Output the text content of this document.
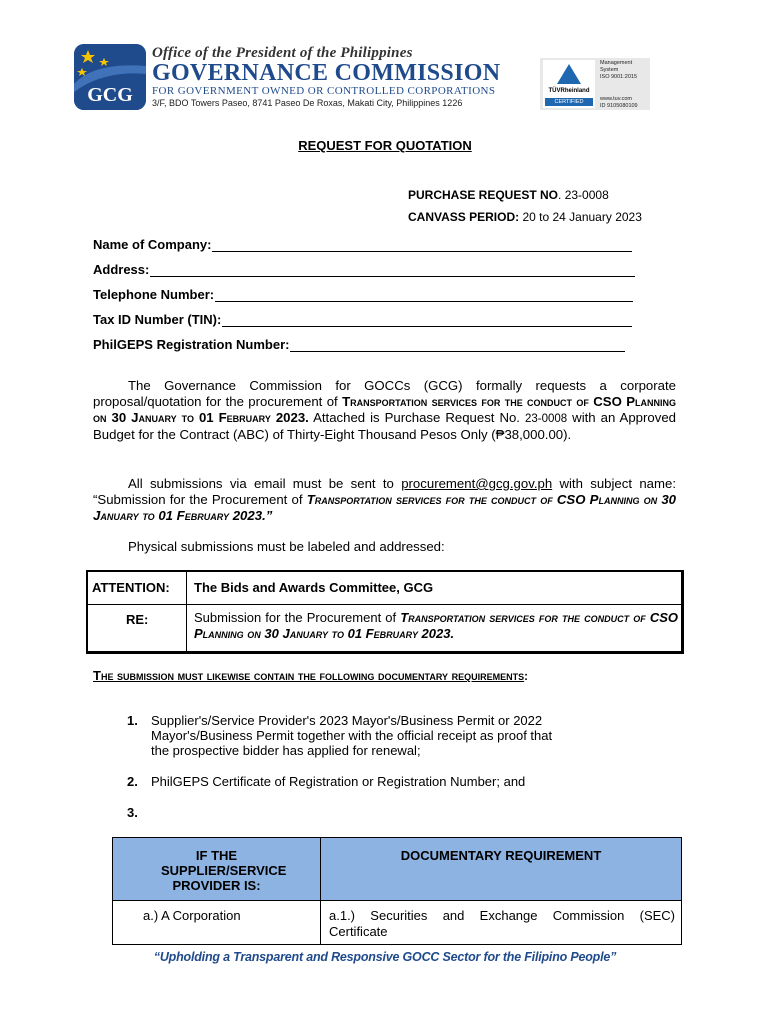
GCG
Office of the President of the Philippines
GOVERNANCE COMMISSION
FOR GOVERNMENT OWNED OR CONTROLLED CORPORATIONS
3/F, BDO Towers Paseo, 8741 Paseo De Roxas, Makati City, Philippines 1226
TÜVRheinland
CERTIFIED
Management
System
ISO 9001:2015
www.tuv.com
ID 9105080109
REQUEST FOR QUOTATION
PURCHASE REQUEST NO. 23-0008
CANVASS PERIOD: 20 to 24 January 2023
Name of Company:
Address:
Telephone Number:
Tax ID Number (TIN):
PhilGEPS Registration Number:
The Governance Commission for GOCCs (GCG) formally requests a corporate proposal/quotation for the procurement of Transportation services for the conduct of CSO Planning on 30 January to 01 February 2023. Attached is Purchase Request No. 23-0008 with an Approved Budget for the Contract (ABC) of Thirty-Eight Thousand Pesos Only (₱38,000.00).
All submissions via email must be sent to procurement@gcg.gov.ph with subject name: “Submission for the Procurement of Transportation services for the conduct of CSO Planning on 30 January to 01 February 2023.”
Physical submissions must be labeled and addressed:
ATTENTION: The Bids and Awards Committee, GCG
RE:	Submission for the Procurement of Transportation services for the conduct of CSO Planning on 30 January to 01 February 2023.
The submission must likewise contain the following documentary requirements:
1. Supplier's/Service Provider's 2023 Mayor's/Business Permit or 2022 Mayor's/Business Permit together with the official receipt as proof that the prospective bidder has applied for renewal;
2. PhilGEPS Certificate of Registration or Registration Number; and
3.
IF THE SUPPLIER/SERVICE PROVIDER IS:
DOCUMENTARY REQUIREMENT
a.) A Corporation	a.1.) Securities and Exchange Commission (SEC) Certificate
“Upholding a Transparent and Responsive GOCC Sector for the Filipino People”
